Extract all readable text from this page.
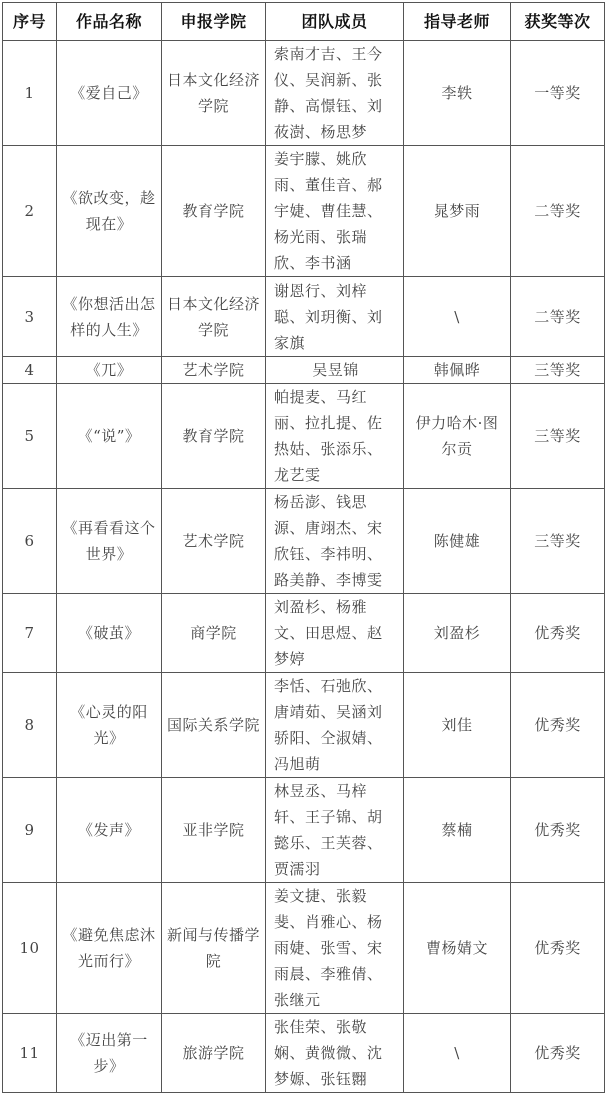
序号	作品名称	申报学院	团队成员	指导老师	获奖等次
1	《爱自己》	日本文化经济学院	索南才吉、王今仪、吴润新、张静、高憬钰、刘莜澍、杨思梦	李轶	一等奖
2	《欲改变，趁现在》	教育学院	姜宇朦、姚欣雨、董佳音、郝宇婕、曹佳慧、杨光雨、张瑞欣、李书涵	晁梦雨	二等奖
3	《你想活出怎样的人生》	日本文化经济学院	谢恩行、刘梓聪、刘玥衡、刘家旗	\	二等奖
4	《兀》	艺术学院	吴昱锦	韩佩晔	三等奖
5	《“说”》	教育学院	帕提麦、马红丽、拉扎提、佐热姑、张添乐、龙艺雯	伊力哈木·图尔贡	三等奖
6	《再看看这个世界》	艺术学院	杨岳澎、钱思源、唐翊杰、宋欣钰、李祎明、路美静、李博雯	陈健雄	三等奖
7	《破茧》	商学院	刘盈杉、杨雅文、田思煜、赵梦婷	刘盈杉	优秀奖
8	《心灵的阳光》	国际关系学院	李恬、石弛欣、唐靖茹、吴涵刘骄阳、仝淑婧、冯旭萌	刘佳	优秀奖
9	《发声》	亚非学院	林昱丞、马梓轩、王子锦、胡懿乐、王芙蓉、贾濡羽	蔡楠	优秀奖
10	《避免焦虑沐光而行》	新闻与传播学院	姜文捷、张毅斐、肖雅心、杨雨婕、张雪、宋雨晨、李雅倩、张继元	曹杨婧文	优秀奖
11	《迈出第一步》	旅游学院	张佳荣、张敬娴、黄微微、沈梦嫄、张钰翾	\	优秀奖
